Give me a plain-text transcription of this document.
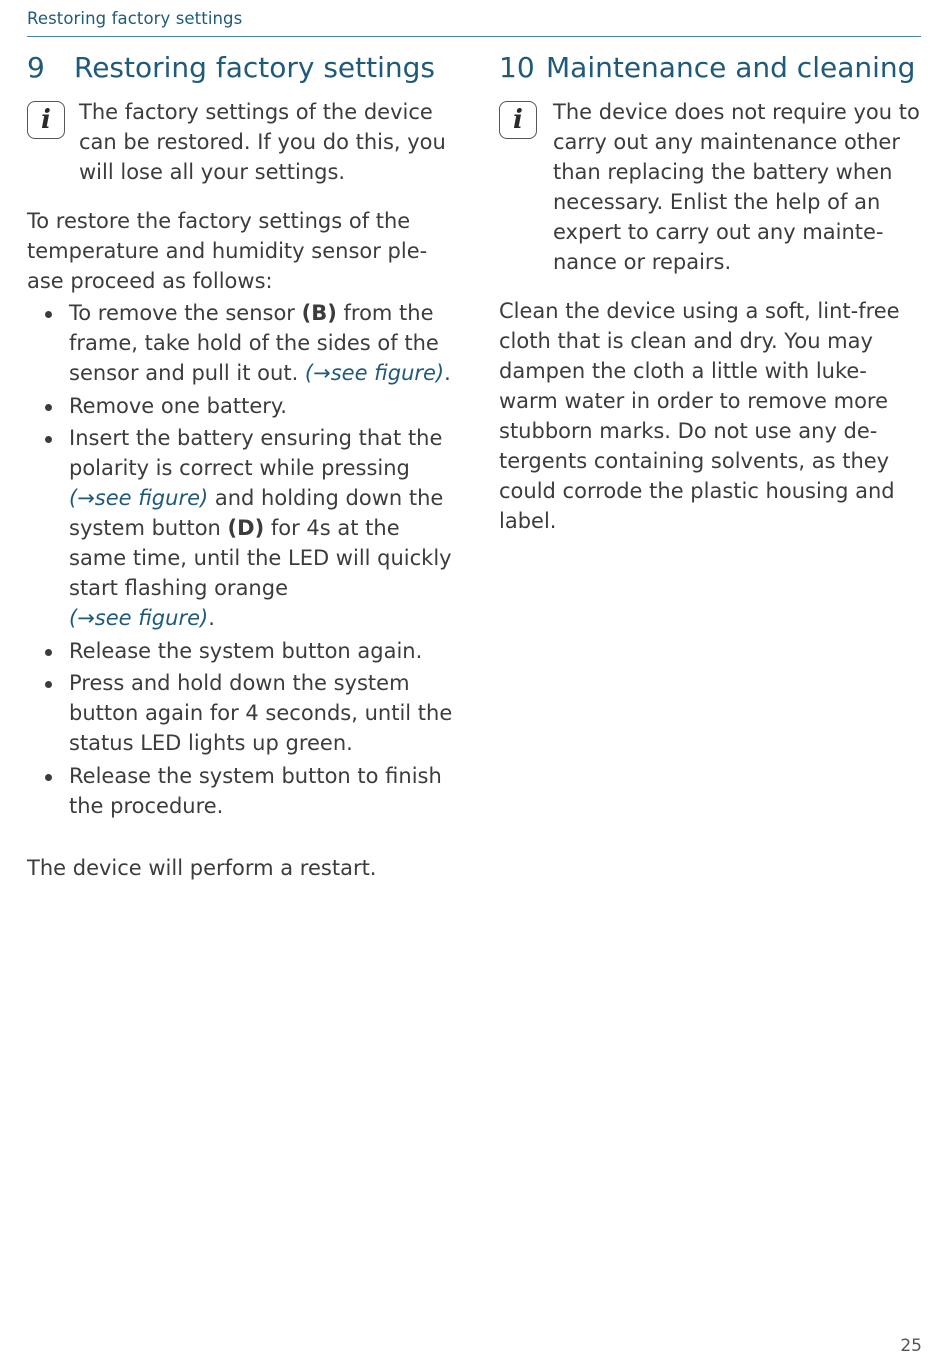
Restoring factory settings
9 Restoring factory settings
i	The factory settings of the device can be restored. If you do this, you will lose all your settings.

To restore the factory settings of the temperature and humidity sensor ple-ase proceed as follows:

To remove the sensor (B) from the frame, take hold of the sides of the sensor and pull it out. (→see figure).
Remove one battery.
Insert the battery ensuring that the polarity is correct while pressing
(→see figure) and holding down the system button (D) for 4s at the same time, until the LED will quickly start flashing orange
(→see figure).
Release the system button again.
Press and hold down the system button again for 4 seconds, until the status LED lights up green.
Release the system button to finish the procedure.

The device will perform a restart.

10 Maintenance and cleaning
i	The device does not require you to carry out any maintenance other than replacing the battery when necessary. Enlist the help of an expert to carry out any mainte-nance or repairs.

Clean the device using a soft, lint-free cloth that is clean and dry. You may dampen the cloth a little with luke-warm water in order to remove more stubborn marks. Do not use any de-tergents containing solvents, as they could corrode the plastic housing and label.

25
